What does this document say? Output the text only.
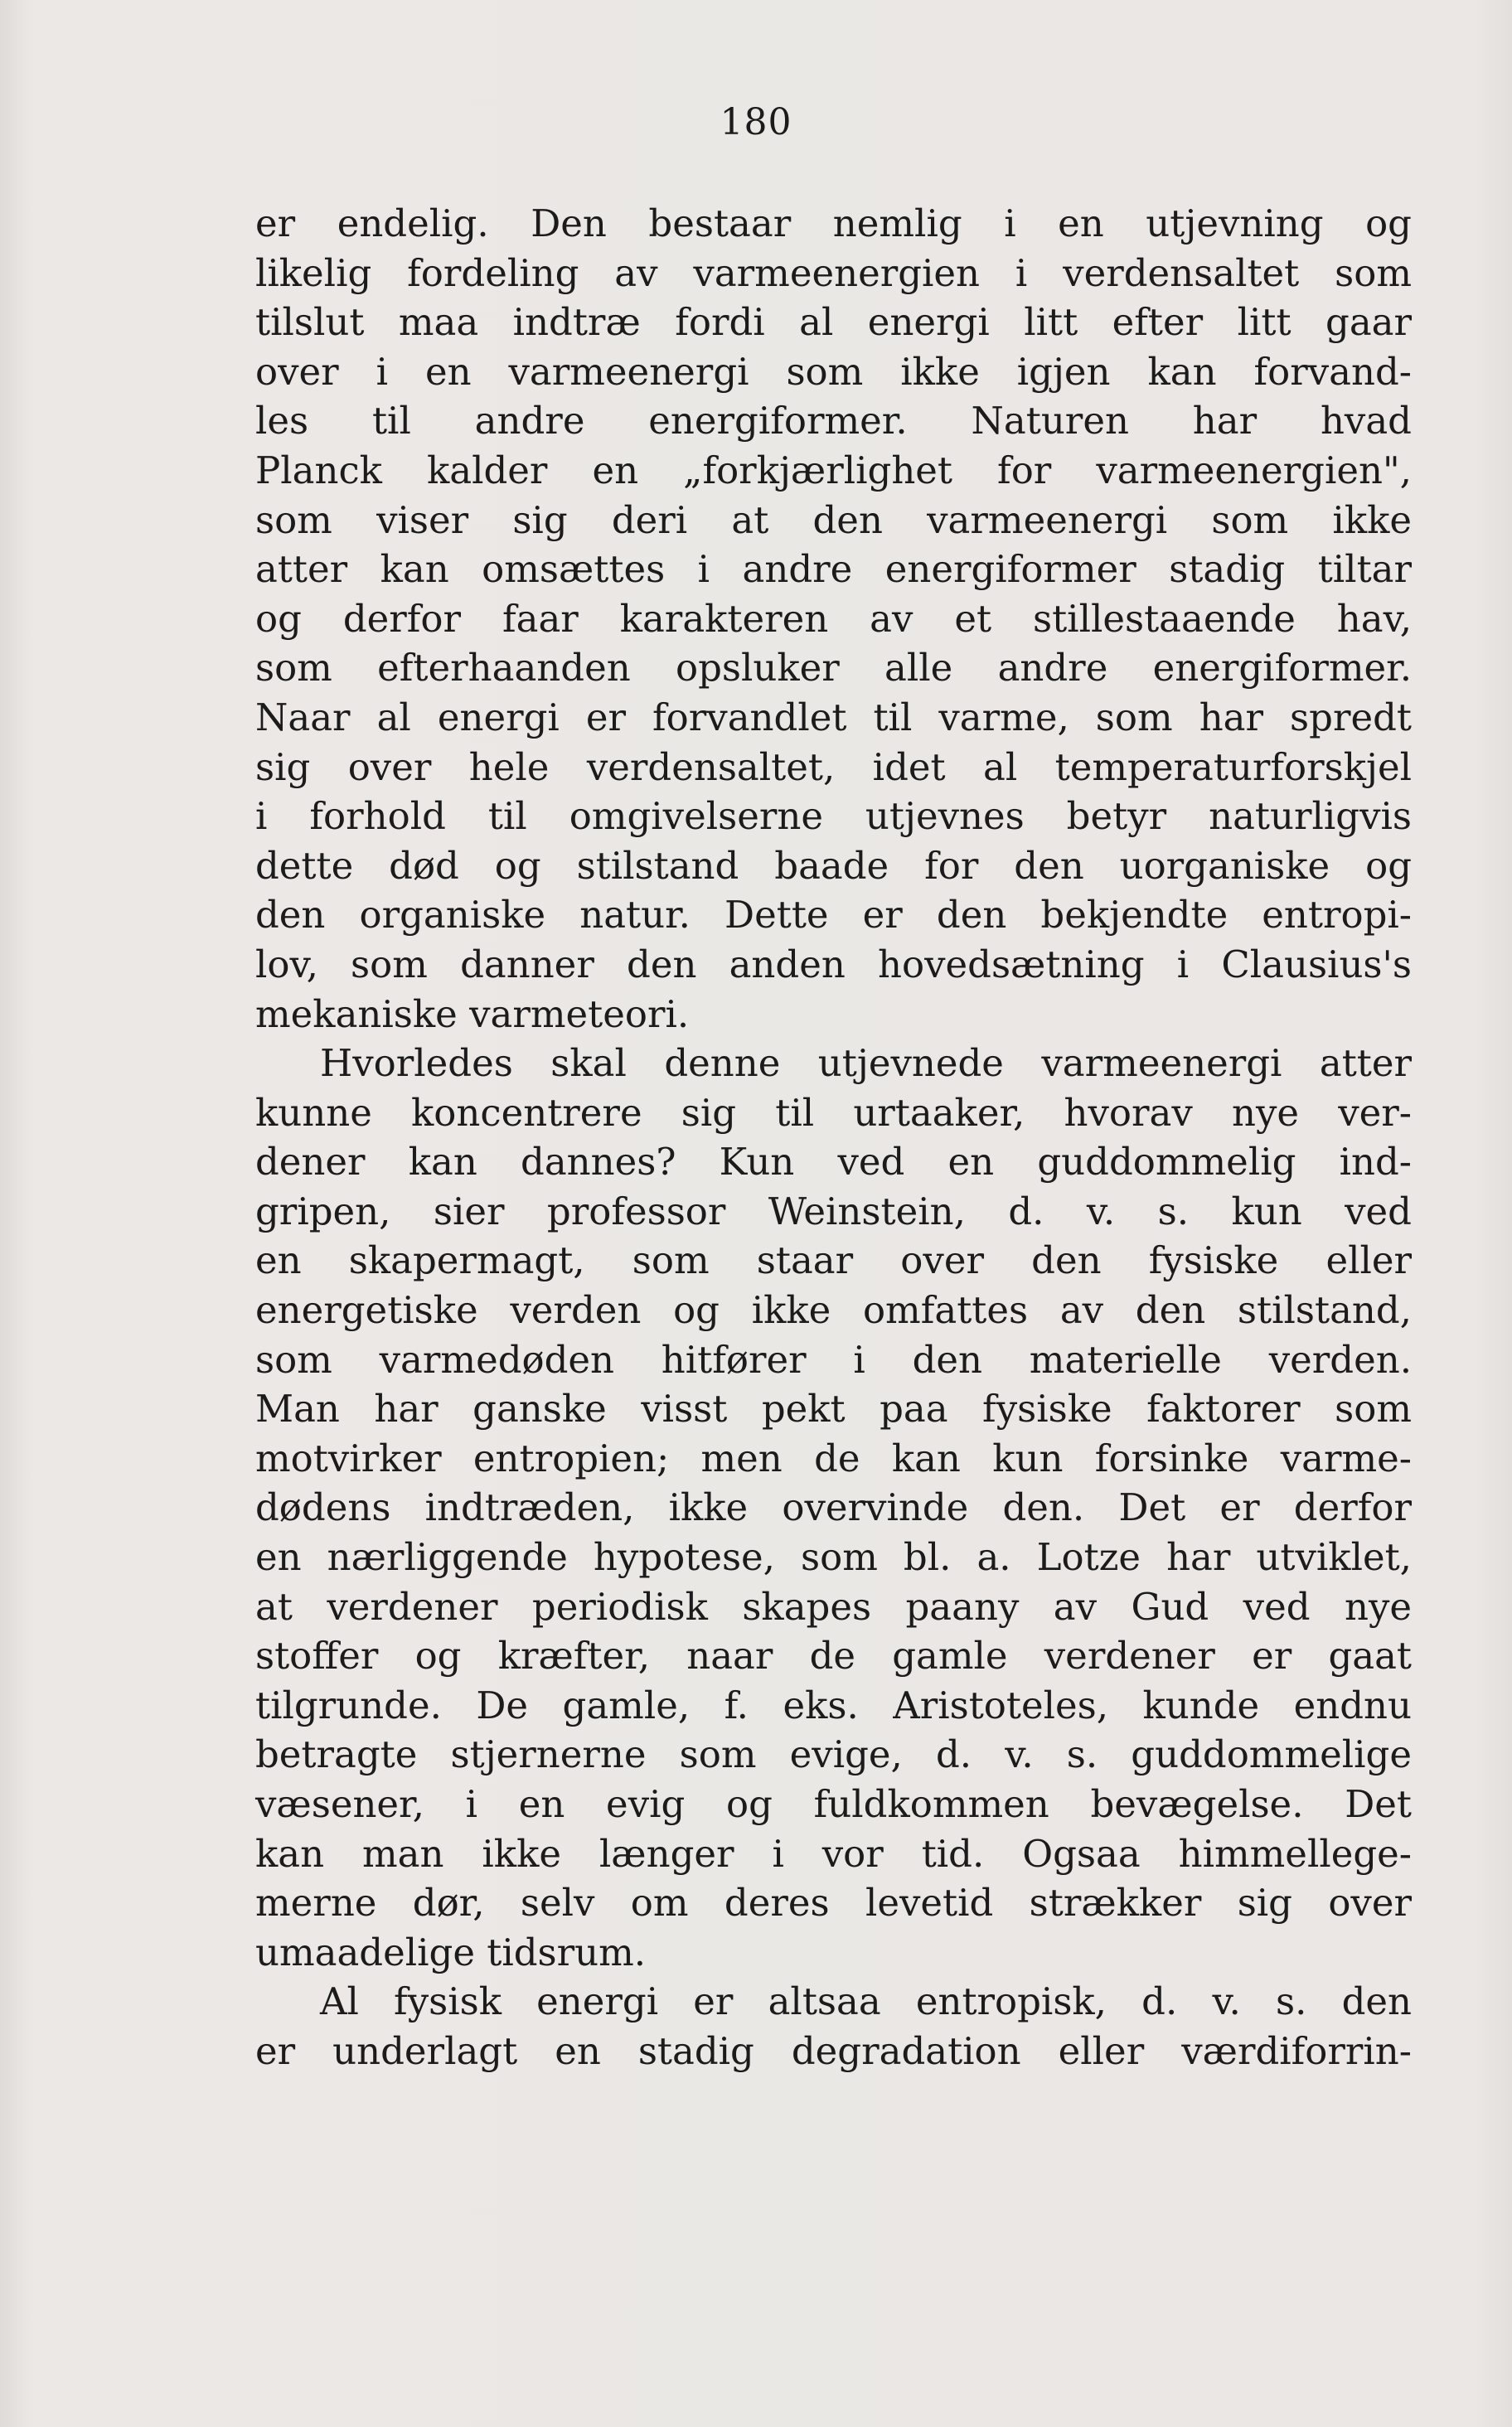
180
er endelig. Den bestaar nemlig i en utjevning og
likelig fordeling av varmeenergien i verdensaltet som
tilslut maa indtræ fordi al energi litt efter litt gaar
over i en varmeenergi som ikke igjen kan forvand-
les til andre energiformer. Naturen har hvad
Planck kalder en „forkjærlighet for varmeenergien",
som viser sig deri at den varmeenergi som ikke
atter kan omsættes i andre energiformer stadig tiltar
og derfor faar karakteren av et stillestaaende hav,
som efterhaanden opsluker alle andre energiformer.
Naar al energi er forvandlet til varme, som har spredt
sig over hele verdensaltet, idet al temperaturforskjel
i forhold til omgivelserne utjevnes betyr naturligvis
dette død og stilstand baade for den uorganiske og
den organiske natur. Dette er den bekjendte entropi-
lov, som danner den anden hovedsætning i Clausius's
mekaniske varmeteori.
Hvorledes skal denne utjevnede varmeenergi atter
kunne koncentrere sig til urtaaker, hvorav nye ver-
dener kan dannes? Kun ved en guddommelig ind-
gripen, sier professor Weinstein, d. v. s. kun ved
en skapermagt, som staar over den fysiske eller
energetiske verden og ikke omfattes av den stilstand,
som varmedøden hitfører i den materielle verden.
Man har ganske visst pekt paa fysiske faktorer som
motvirker entropien; men de kan kun forsinke varme-
dødens indtræden, ikke overvinde den. Det er derfor
en nærliggende hypotese, som bl. a. Lotze har utviklet,
at verdener periodisk skapes paany av Gud ved nye
stoffer og kræfter, naar de gamle verdener er gaat
tilgrunde. De gamle, f. eks. Aristoteles, kunde endnu
betragte stjernerne som evige, d. v. s. guddommelige
væsener, i en evig og fuldkommen bevægelse. Det
kan man ikke længer i vor tid. Ogsaa himmellege-
merne dør, selv om deres levetid strækker sig over
umaadelige tidsrum.
Al fysisk energi er altsaa entropisk, d. v. s. den
er underlagt en stadig degradation eller værdiforrin-
